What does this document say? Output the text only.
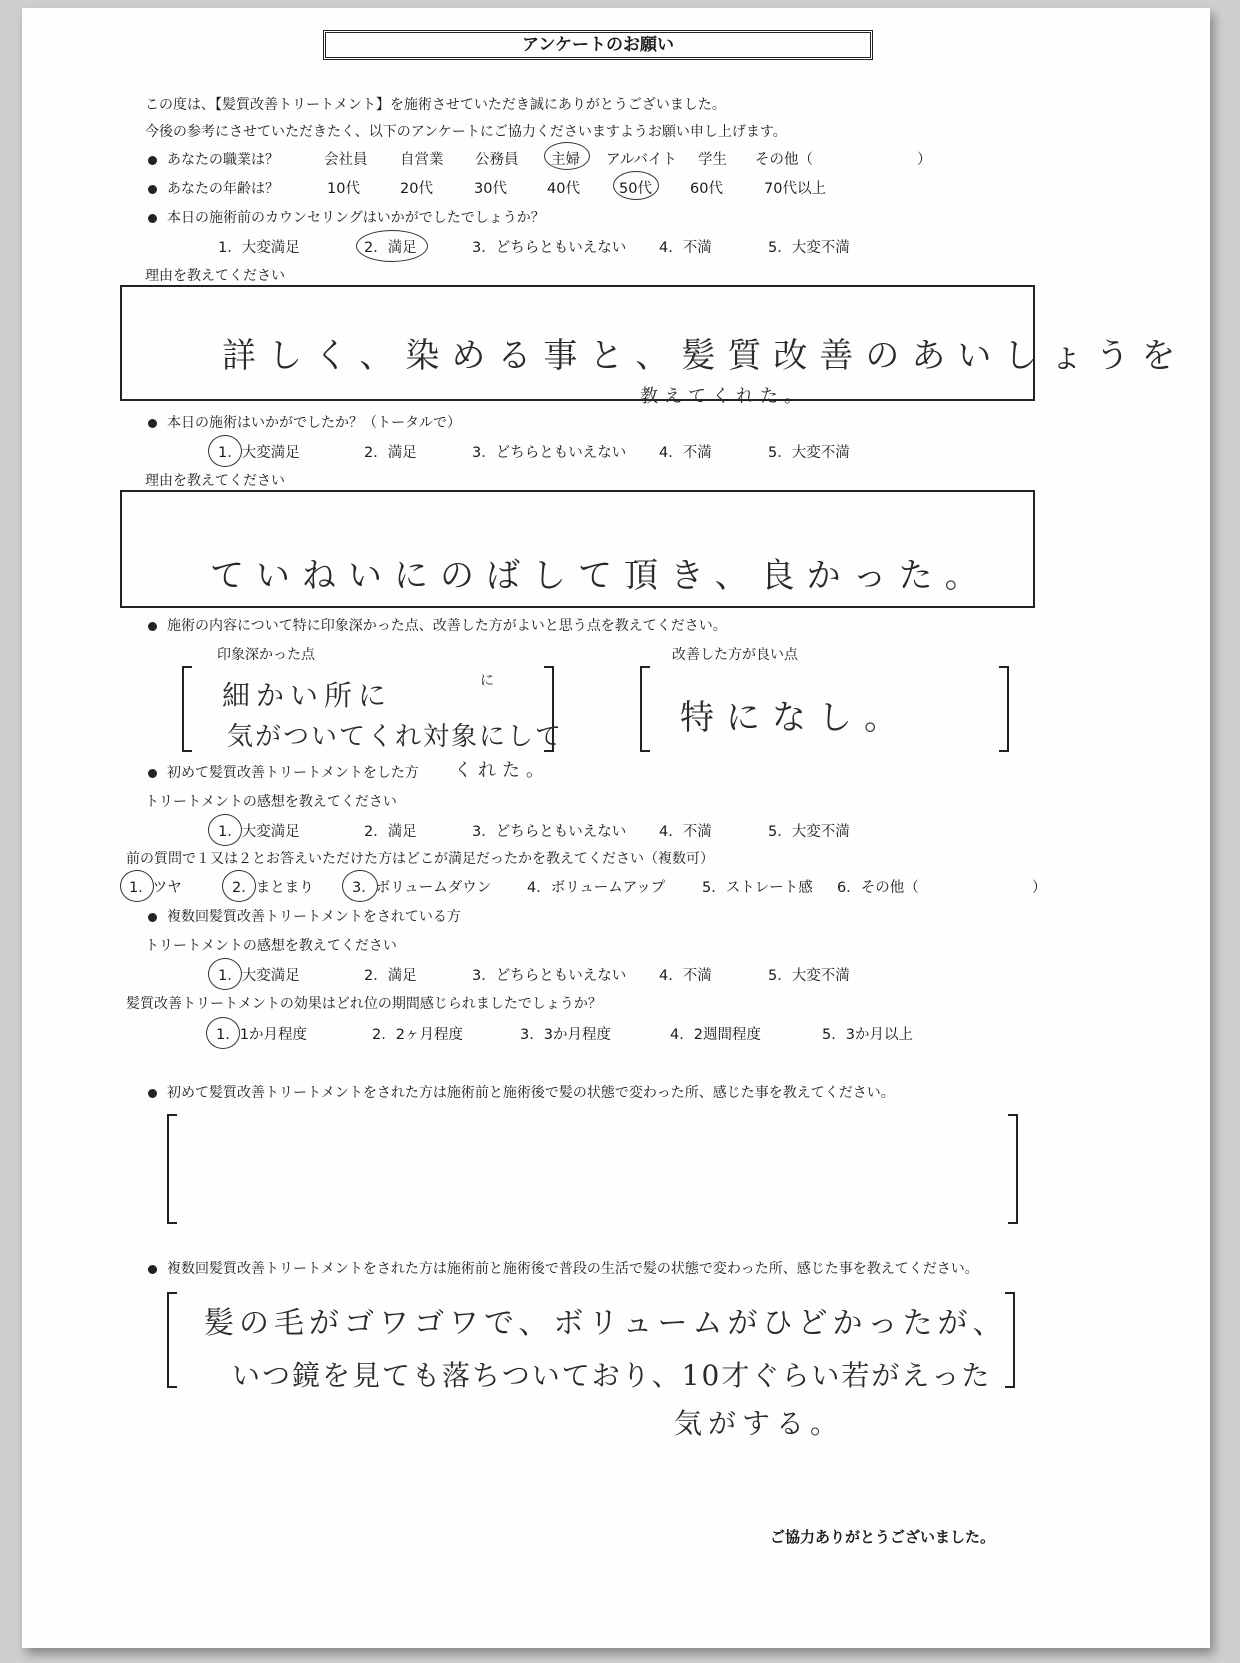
アンケートのお願い
この度は、【髪質改善トリートメント】を施術させていただき誠にありがとうございました。
今後の参考にさせていただきたく、以下のアンケートにご協力くださいますようお願い申し上げます。
あなたの職業は？	会社員 自営業 公務員 主婦 アルバイト 学生 その他（	）
あなたの年齢は？	10代	20代	30代	40代	50代	60代	70代以上
本日の施術前のカウンセリングはいかがでしたでしょうか？
1．大変満足	2．満足	3．どちらともいえない 4．不満	5．大変不満
理由を教えてください
詳しく、染める事と、髪質改善のあいしょうを
教えてくれた。
本日の施術はいかがでしたか？（トータルで）
1．大変満足	2．満足	3．どちらともいえない 4．不満	5．大変不満
理由を教えてください
ていねいにのばして頂き、良かった。
施術の内容について特に印象深かった点、改善した方がよいと思う点を教えてください。
印象深かった点	改善した方が良い点
細かい所に	に
気がついてくれ対象にして
くれた。
特になし。
初めて髪質改善トリートメントをした方
トリートメントの感想を教えてください
1．大変満足	2．満足	3．どちらともいえない 4．不満	5．大変不満
前の質問で１又は２とお答えいただけた方はどこが満足だったかを教えてください（複数可）
1．ツヤ	2．まとまり	3．ボリュームダウン 4．ボリュームアップ	5．ストレート感 6．その他（	）
複数回髪質改善トリートメントをされている方
トリートメントの感想を教えてください
1．大変満足	2．満足	3．どちらともいえない 4．不満	5．大変不満
髪質改善トリートメントの効果はどれ位の期間感じられましたでしょうか？
1．1か月程度	2．2ヶ月程度	3．3か月程度	4．2週間程度	5．3か月以上
初めて髪質改善トリートメントをされた方は施術前と施術後で髪の状態で変わった所、感じた事を教えてください。
複数回髪質改善トリートメントをされた方は施術前と施術後で普段の生活で髪の状態で変わった所、感じた事を教えてください。
髪の毛がゴワゴワで、ボリュームがひどかったが、
いつ鏡を見ても落ちついており、10才ぐらい若がえった
気がする。
ご協力ありがとうございました。
